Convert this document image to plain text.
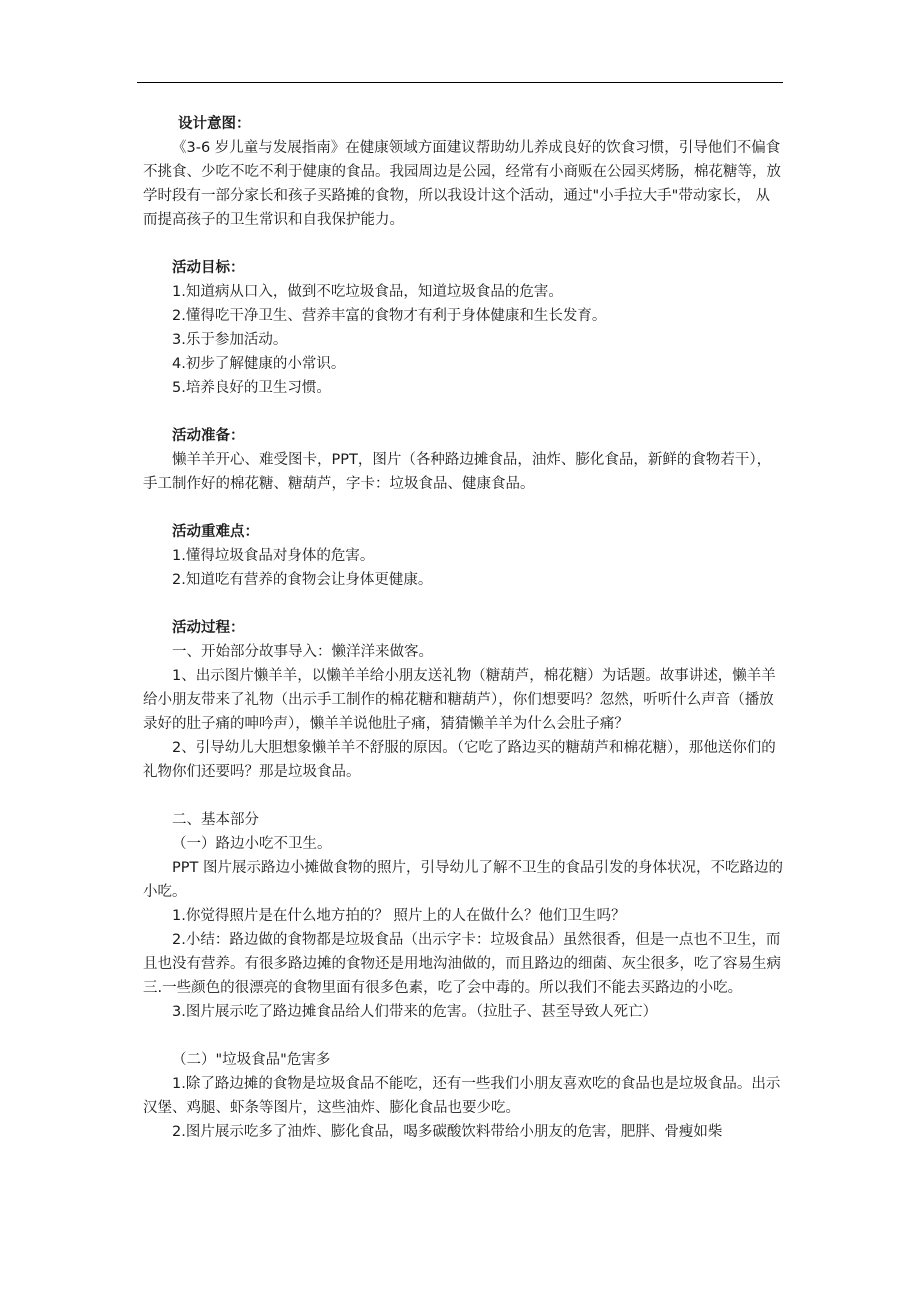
设计意图：

《3-6 岁儿童与发展指南》在健康领域方面建议帮助幼儿养成良好的饮食习惯，引导他们不偏食不挑食、少吃不吃不利于健康的食品。我园周边是公园，经常有小商贩在公园买烤肠，棉花糖等，放学时段有一部分家长和孩子买路摊的食物，所以我设计这个活动，通过"小手拉大手"带动家长， 从而提高孩子的卫生常识和自我保护能力。

活动目标：

1.知道病从口入，做到不吃垃圾食品，知道垃圾食品的危害。

2.懂得吃干净卫生、营养丰富的食物才有利于身体健康和生长发育。

3.乐于参加活动。

4.初步了解健康的小常识。

5.培养良好的卫生习惯。

活动准备：

懒羊羊开心、难受图卡，PPT，图片（各种路边摊食品，油炸、膨化食品，新鲜的食物若干），手工制作好的棉花糖、糖葫芦，字卡：垃圾食品、健康食品。

活动重难点：

1.懂得垃圾食品对身体的危害。

2.知道吃有营养的食物会让身体更健康。

活动过程：

一、开始部分故事导入：懒洋洋来做客。

1、出示图片懒羊羊，以懒羊羊给小朋友送礼物（糖葫芦，棉花糖）为话题。故事讲述，懒羊羊给小朋友带来了礼物（出示手工制作的棉花糖和糖葫芦），你们想要吗？忽然，听听什么声音（播放录好的肚子痛的呻吟声），懒羊羊说他肚子痛，猜猜懒羊羊为什么会肚子痛？

2、引导幼儿大胆想象懒羊羊不舒服的原因。（它吃了路边买的糖葫芦和棉花糖），那他送你们的礼物你们还要吗？那是垃圾食品。

二、基本部分

（一）路边小吃不卫生。

PPT 图片展示路边小摊做食物的照片，引导幼儿了解不卫生的食品引发的身体状况，不吃路边的小吃。

1.你觉得照片是在什么地方拍的？ 照片上的人在做什么？他们卫生吗？

2.小结：路边做的食物都是垃圾食品（出示字卡：垃圾食品）虽然很香，但是一点也不卫生，而且也没有营养。有很多路边摊的食物还是用地沟油做的，而且路边的细菌、灰尘很多，吃了容易生病三.一些颜色的很漂亮的食物里面有很多色素，吃了会中毒的。所以我们不能去买路边的小吃。

3.图片展示吃了路边摊食品给人们带来的危害。（拉肚子、甚至导致人死亡）

（二）"垃圾食品"危害多

1.除了路边摊的食物是垃圾食品不能吃，还有一些我们小朋友喜欢吃的食品也是垃圾食品。出示汉堡、鸡腿、虾条等图片，这些油炸、膨化食品也要少吃。

2.图片展示吃多了油炸、膨化食品，喝多碳酸饮料带给小朋友的危害，肥胖、骨瘦如柴
